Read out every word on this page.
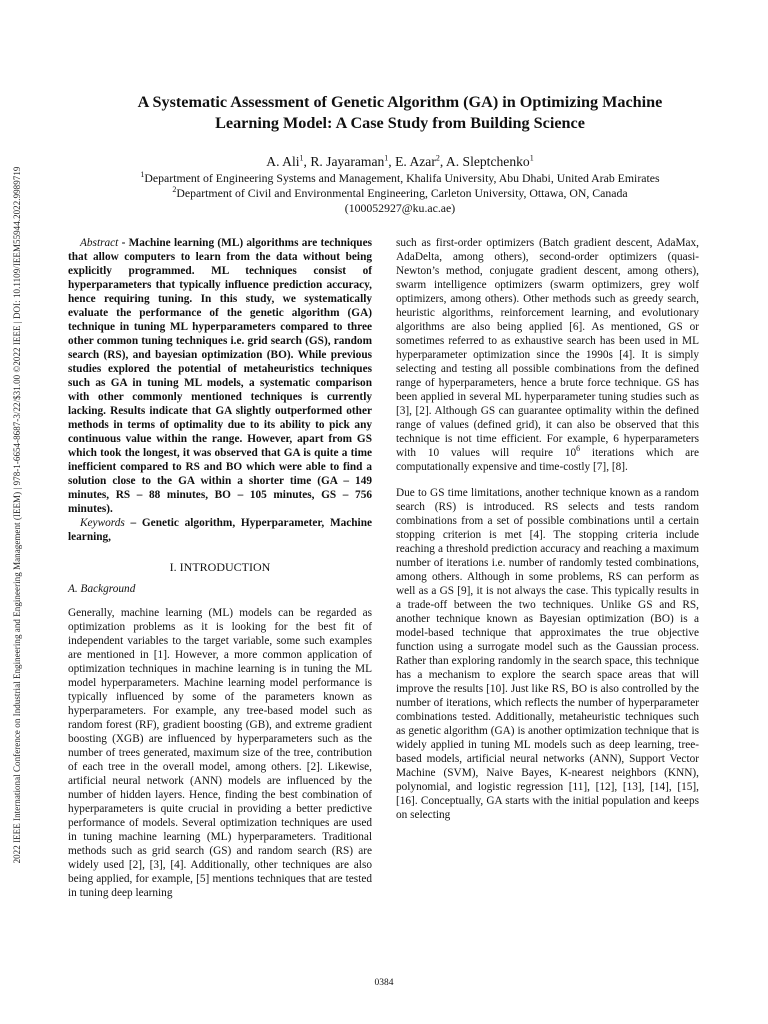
2022 IEEE International Conference on Industrial Engineering and Engineering Management (IEEM) | 978-1-6654-8687-3/22/$31.00 ©2022 IEEE | DOI: 10.1109/IEEM55944.2022.9989719
A Systematic Assessment of Genetic Algorithm (GA) in Optimizing Machine
Learning Model: A Case Study from Building Science
A. Ali$^1$, R. Jayaraman$^1$, E. Azar$^2$, A. Sleptchenko$^1$
$^1$Department of Engineering Systems and Management, Khalifa University, Abu Dhabi, United Arab Emirates
$^2$Department of Civil and Environmental Engineering, Carleton University, Ottawa, ON, Canada
(100052927@ku.ac.ae)

Abstract - Machine learning (ML) algorithms are techniques that allow computers to learn from the data without being explicitly programmed. ML techniques consist of hyperparameters that typically influence prediction accuracy, hence requiring tuning. In this study, we systematically evaluate the performance of the genetic algorithm (GA) technique in tuning ML hyperparameters compared to three other common tuning techniques i.e. grid search (GS), random search (RS), and bayesian optimization (BO). While previous studies explored the potential of metaheuristics techniques such as GA in tuning ML models, a systematic comparison with other commonly mentioned techniques is currently lacking. Results indicate that GA slightly outperformed other methods in terms of optimality due to its ability to pick any continuous value within the range. However, apart from GS which took the longest, it was observed that GA is quite a time inefficient compared to RS and BO which were able to find a solution close to the GA within a shorter time (GA – 149 minutes, RS – 88 minutes, BO – 105 minutes, GS – 756 minutes).

Keywords – Genetic algorithm, Hyperparameter, Machine learning,

I. INTRODUCTION
A. Background

Generally, machine learning (ML) models can be regarded as optimization problems as it is looking for the best fit of independent variables to the target variable, some such examples are mentioned in [1]. However, a more common application of optimization techniques in machine learning is in tuning the ML model hyperparameters. Machine learning model performance is typically influenced by some of the parameters known as hyperparameters. For example, any tree-based model such as random forest (RF), gradient boosting (GB), and extreme gradient boosting (XGB) are influenced by hyperparameters such as the number of trees generated, maximum size of the tree, contribution of each tree in the overall model, among others. [2]. Likewise, artificial neural network (ANN) models are influenced by the number of hidden layers. Hence, finding the best combination of hyperparameters is quite crucial in providing a better predictive performance of models. Several optimization techniques are used in tuning machine learning (ML) hyperparameters. Traditional methods such as grid search (GS) and random search (RS) are widely used [2], [3], [4]. Additionally, other techniques are also being applied, for example, [5] mentions techniques that are tested in tuning deep learning

such as first-order optimizers (Batch gradient descent, AdaMax, AdaDelta, among others), second-order optimizers (quasi-Newton’s method, conjugate gradient descent, among others), swarm intelligence optimizers (swarm optimizers, grey wolf optimizers, among others). Other methods such as greedy search, heuristic algorithms, reinforcement learning, and evolutionary algorithms are also being applied [6]. As mentioned, GS or sometimes referred to as exhaustive search has been used in ML hyperparameter optimization since the 1990s [4]. It is simply selecting and testing all possible combinations from the defined range of hyperparameters, hence a brute force technique. GS has been applied in several ML hyperparameter tuning studies such as [3], [2]. Although GS can guarantee optimality within the defined range of values (defined grid), it can also be observed that this technique is not time efficient. For example, 6 hyperparameters with 10 values will require $10^6$ iterations which are computationally expensive and time-costly [7], [8].

Due to GS time limitations, another technique known as a random search (RS) is introduced. RS selects and tests random combinations from a set of possible combinations until a certain stopping criterion is met [4]. The stopping criteria include reaching a threshold prediction accuracy and reaching a maximum number of iterations i.e. number of randomly tested combinations, among others. Although in some problems, RS can perform as well as a GS [9], it is not always the case. This typically results in a trade-off between the two techniques. Unlike GS and RS, another technique known as Bayesian optimization (BO) is a model-based technique that approximates the true objective function using a surrogate model such as the Gaussian process. Rather than exploring randomly in the search space, this technique has a mechanism to explore the search space areas that will improve the results [10]. Just like RS, BO is also controlled by the number of iterations, which reflects the number of hyperparameter combinations tested. Additionally, metaheuristic techniques such as genetic algorithm (GA) is another optimization technique that is widely applied in tuning ML models such as deep learning, tree-based models, artificial neural networks (ANN), Support Vector Machine (SVM), Naive Bayes, K-nearest neighbors (KNN), polynomial, and logistic regression [11], [12], [13], [14], [15], [16]. Conceptually, GA starts with the initial population and keeps on selecting

0384
